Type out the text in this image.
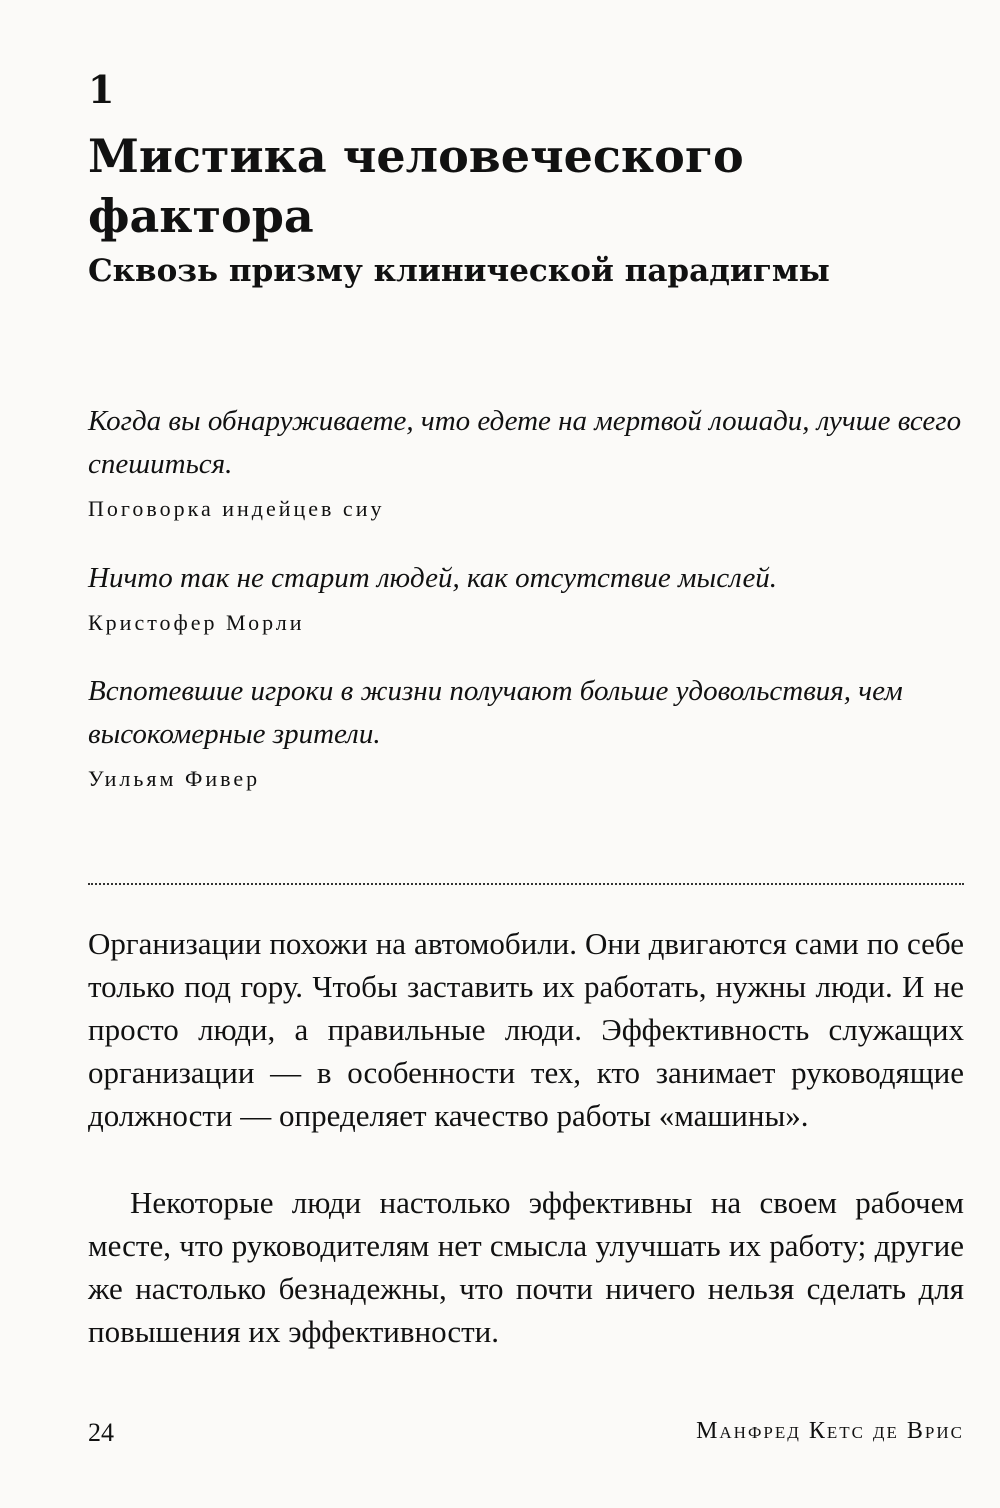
1
Мистика человеческого фактора
Сквозь призму клинической парадигмы

Когда вы обнаруживаете, что едете на мертвой лошади, лучше всего спешиться.

Поговорка индейцев сиу

Ничто так не старит людей, как отсутствие мыслей.

Кристофер Морли

Вспотевшие игроки в жизни получают больше удовольствия, чем высокомерные зрители.

Уильям Фивер

Организации похожи на автомобили. Они двигаются сами по себе только под гору. Чтобы заставить их работать, нужны люди. И не просто люди, а правильные люди. Эффективность служащих организации — в особенности тех, кто занимает руководящие должности — определяет качество работы «машины».

Некоторые люди настолько эффективны на своем рабочем месте, что руководителям нет смысла улучшать их работу; другие же настолько безнадежны, что почти ничего нельзя сделать для повышения их эффективности.

24	Манфред Кетс де Врис
